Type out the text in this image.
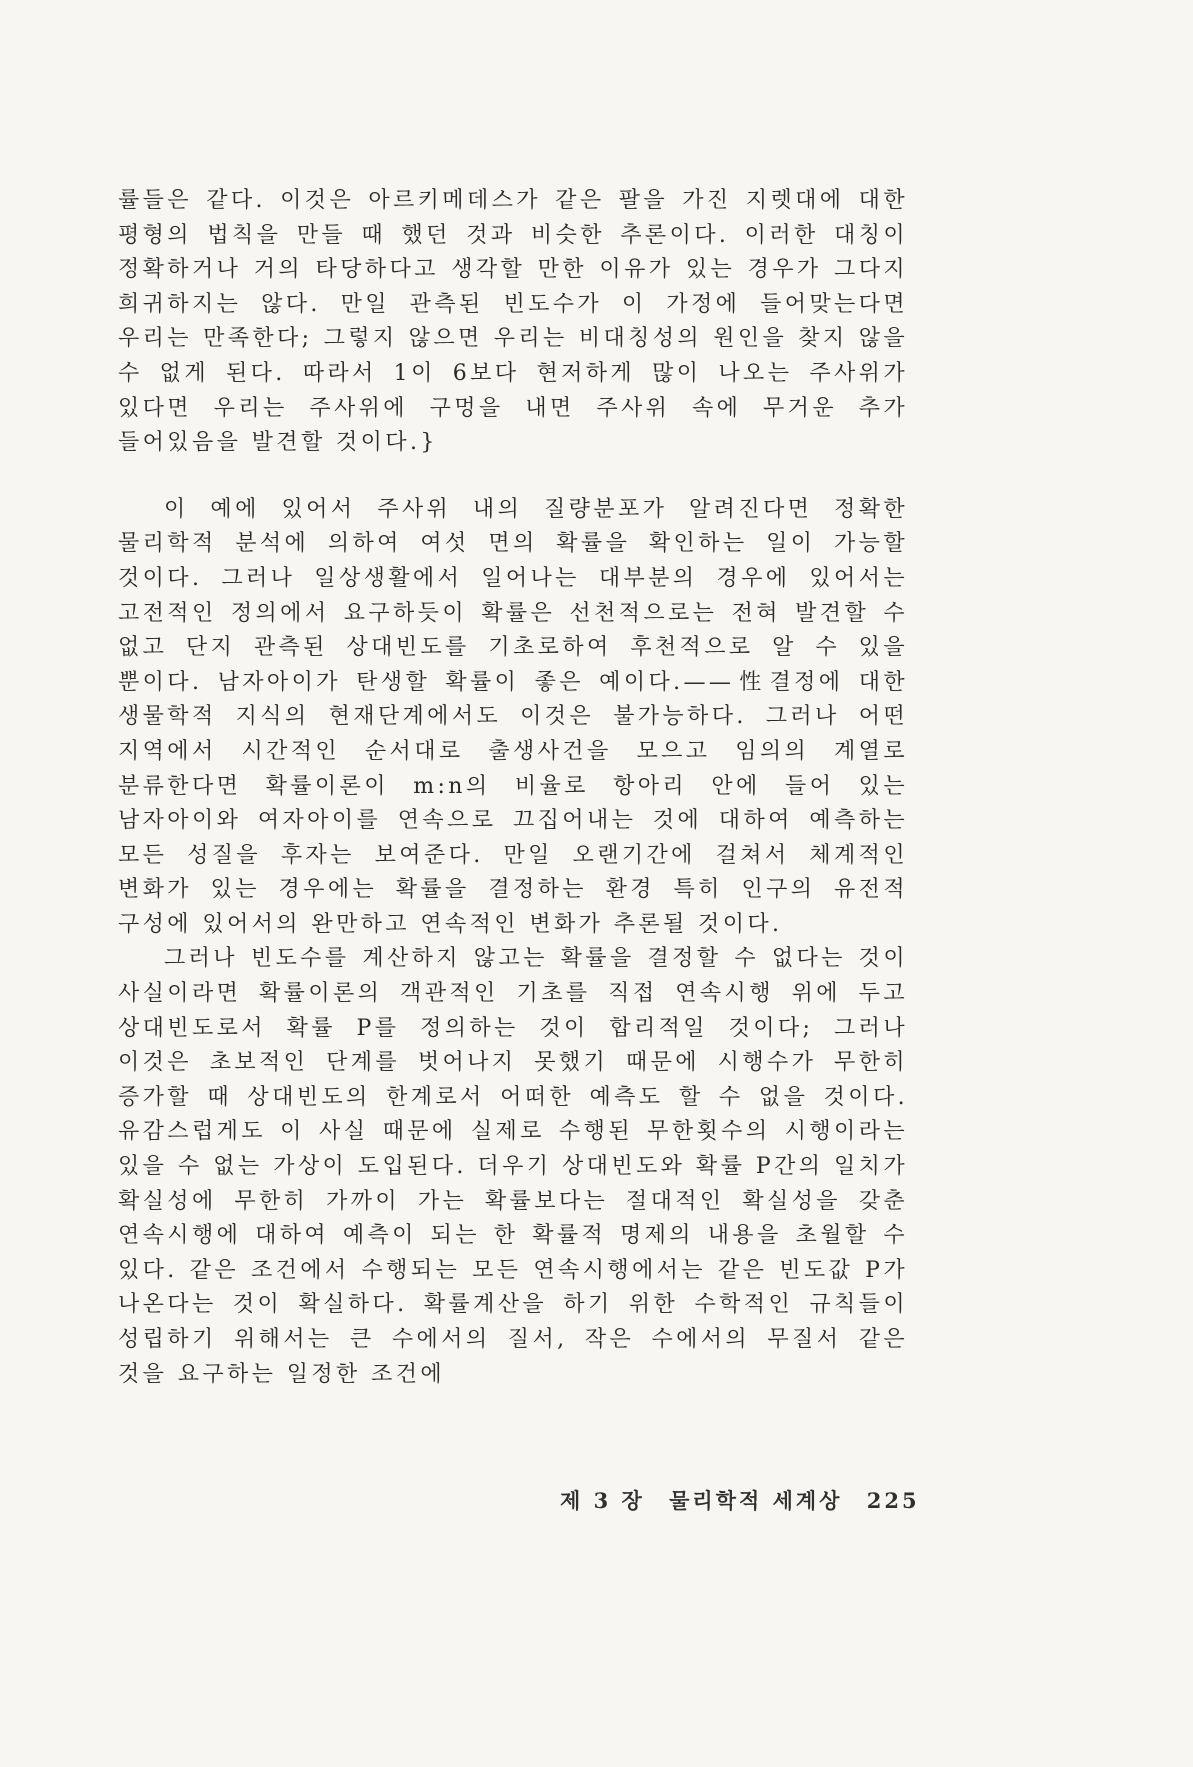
률들은 같다. 이것은 아르키메데스가 같은 팔을 가진 지렛대에 대한 평형의 법칙을 만들 때 했던 것과 비슷한 추론이다. 이러한 대칭이 정확하거나 거의 타당하다고 생각할 만한 이유가 있는 경우가 그다지 희귀하지는 않다. 만일 관측된 빈도수가 이 가정에 들어맞는다면 우리는 만족한다; 그렇지 않으면 우리는 비대칭성의 원인을 찾지 않을 수 없게 된다. 따라서 1이 6보다 현저하게 많이 나오는 주사위가 있다면 우리는 주사위에 구멍을 내면 주사위 속에 무거운 추가 들어있음을 발견할 것이다.}

이 예에 있어서 주사위 내의 질량분포가 알려진다면 정확한 물리학적 분석에 의하여 여섯 면의 확률을 확인하는 일이 가능할 것이다. 그러나 일상생활에서 일어나는 대부분의 경우에 있어서는 고전적인 정의에서 요구하듯이 확률은 선천적으로는 전혀 발견할 수 없고 단지 관측된 상대빈도를 기초로하여 후천적으로 알 수 있을 뿐이다. 남자아이가 탄생할 확률이 좋은 예이다.——性결정에 대한 생물학적 지식의 현재단계에서도 이것은 불가능하다. 그러나 어떤 지역에서 시간적인 순서대로 출생사건을 모으고 임의의 계열로 분류한다면 확률이론이 m:n의 비율로 항아리 안에 들어 있는 남자아이와 여자아이를 연속으로 끄집어내는 것에 대하여 예측하는 모든 성질을 후자는 보여준다. 만일 오랜기간에 걸쳐서 체계적인 변화가 있는 경우에는 확률을 결정하는 환경 특히 인구의 유전적 구성에 있어서의 완만하고 연속적인 변화가 추론될 것이다.

그러나 빈도수를 계산하지 않고는 확률을 결정할 수 없다는 것이 사실이라면 확률이론의 객관적인 기초를 직접 연속시행 위에 두고 상대빈도로서 확률 P를 정의하는 것이 합리적일 것이다; 그러나 이것은 초보적인 단계를 벗어나지 못했기 때문에 시행수가 무한히 증가할 때 상대빈도의 한계로서 어떠한 예측도 할 수 없을 것이다. 유감스럽게도 이 사실 때문에 실제로 수행된 무한횟수의 시행이라는 있을 수 없는 가상이 도입된다. 더우기 상대빈도와 확률 P간의 일치가 확실성에 무한히 가까이 가는 확률보다는 절대적인 확실성을 갖춘 연속시행에 대하여 예측이 되는 한 확률적 명제의 내용을 초월할 수 있다. 같은 조건에서 수행되는 모든 연속시행에서는 같은 빈도값 P가 나온다는 것이 확실하다. 확률계산을 하기 위한 수학적인 규칙들이 성립하기 위해서는 큰 수에서의 질서, 작은 수에서의 무질서 같은 것을 요구하는 일정한 조건에

제 3 장 물리학적 세계상 225
